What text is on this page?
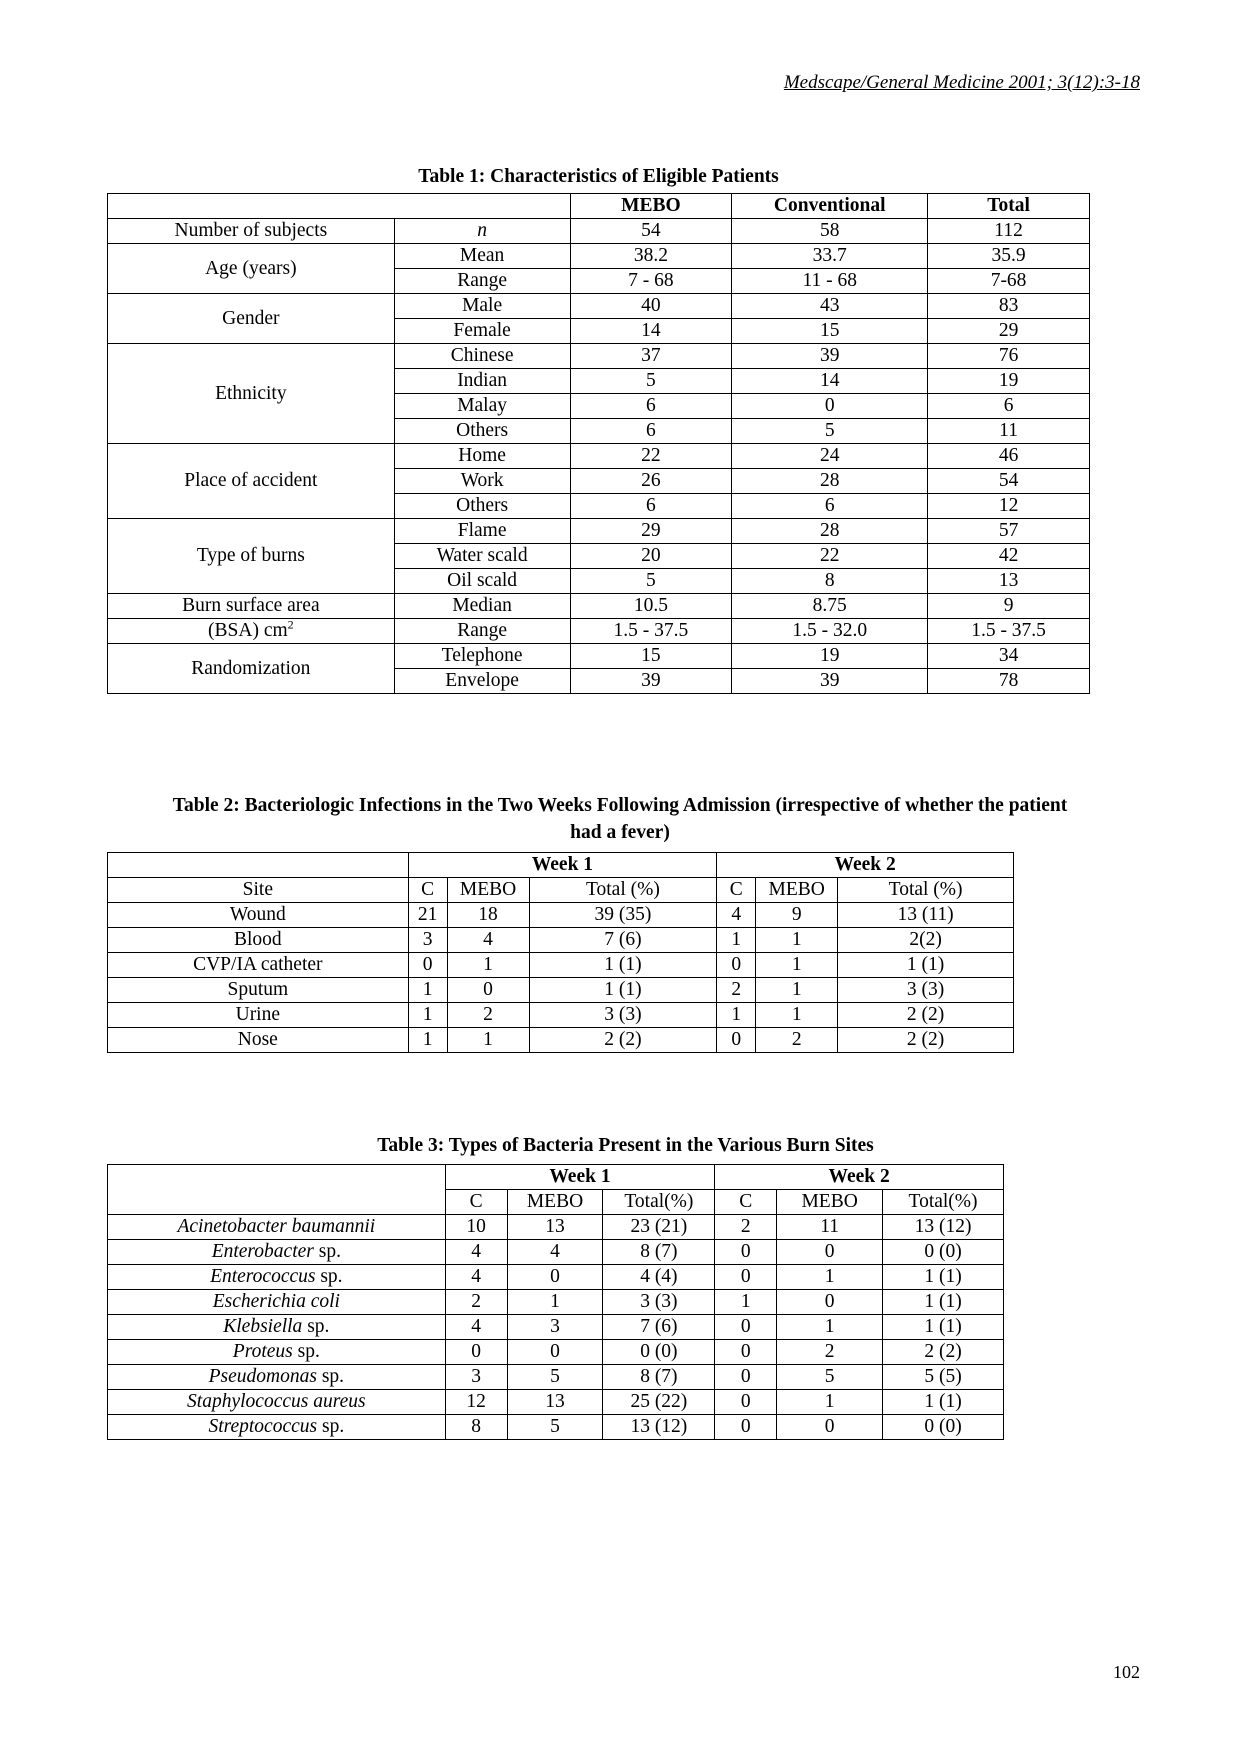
Medscape/General Medicine 2001; 3(12):3-18
Table 1: Characteristics of Eligible Patients
		MEBO	Conventional	Total
Number of subjects	n	54	58	112
Age (years)	Mean	38.2	33.7	35.9
	Range	7 - 68	11 - 68	7-68
Gender	Male	40	43	83
	Female	14	15	29
Ethnicity	Chinese	37	39	76
	Indian	5	14	19
	Malay	6	0	6
	Others	6	5	11
Place of accident	Home	22	24	46
	Work	26	28	54
	Others	6	6	12
Type of burns	Flame	29	28	57
	Water scald	20	22	42
	Oil scald	5	8	13
Burn surface area	Median	10.5	8.75	9
(BSA) $cm^2$	Range	1.5 - 37.5	1.5 - 32.0	1.5 - 37.5
Randomization	Telephone	15	19	34
	Envelope	39	39	78
Table 2: Bacteriologic Infections in the Two Weeks Following Admission (irrespective of whether the patient
had a fever)
	Week 1			Week 2		
Site	C	MEBO	Total (%)	C	MEBO	Total (%)
Wound	21	18	39 (35)	4	9	13 (11)
Blood	3	4	7 (6)	1	1	2(2)
CVP/IA catheter	0	1	1 (1)	0	1	1 (1)
Sputum	1	0	1 (1)	2	1	3 (3)
Urine	1	2	3 (3)	1	1	2 (2)
Nose	1	1	2 (2)	0	2	2 (2)
Table 3: Types of Bacteria Present in the Various Burn Sites
	Week 1			Week 2		
	C	MEBO	Total(%)	C	MEBO	Total(%)
Acinetobacter baumannii	10	13	23 (21)	2	11	13 (12)
Enterobacter sp.	4	4	8 (7)	0	0	0 (0)
Enterococcus sp.	4	0	4 (4)	0	1	1 (1)
Escherichia coli	2	1	3 (3)	1	0	1 (1)
Klebsiella sp.	4	3	7 (6)	0	1	1 (1)
Proteus sp.	0	0	0 (0)	0	2	2 (2)
Pseudomonas sp.	3	5	8 (7)	0	5	5 (5)
Staphylococcus aureus	12	13	25 (22)	0	1	1 (1)
Streptococcus sp.	8	5	13 (12)	0	0	0 (0)
102
